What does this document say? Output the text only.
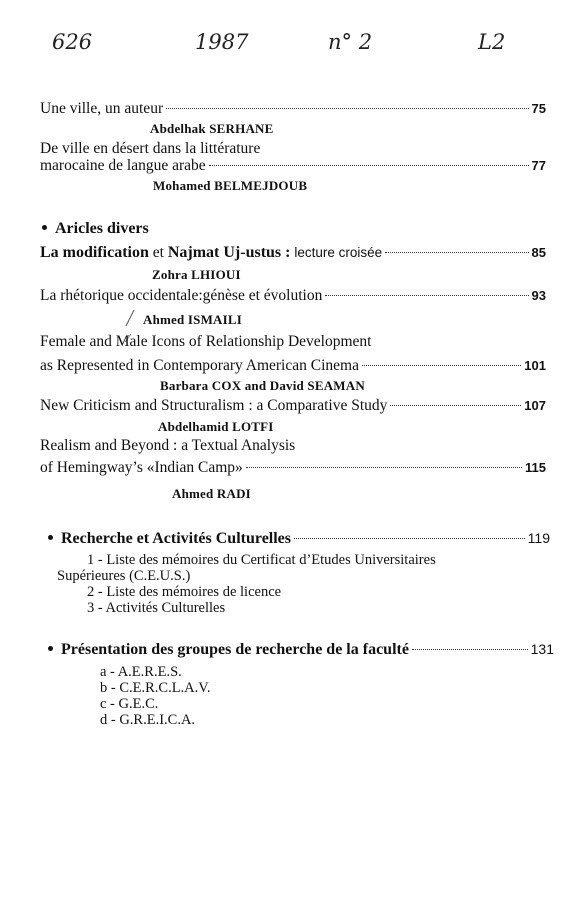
626	1987	n° 2	L2
Une ville, un auteur	75
Abdelhak SERHANE
De ville en désert dans la littérature
marocaine de langue arabe	77
Mohamed BELMEJDOUB
Aricles divers
La modification et Najmat Uj-ustus : lecture croisée	85
Zohra LHIOUI
La rhétorique occidentale:génèse et évolution	93
Ahmed ISMAILI
Female and Male Icons of Relationship Development
as Represented in Contemporary American Cinema	101
Barbara COX and David SEAMAN
New Criticism and Structuralism : a Comparative Study	107
Abdelhamid LOTFI
Realism and Beyond : a Textual Analysis
of Hemingway’s «Indian Camp»	115
Ahmed RADI
Recherche et Activités Culturelles	119
1 - Liste des mémoires du Certificat d’Etudes Universitaires
Supérieures (C.E.U.S.)
2 - Liste des mémoires de licence
3 - Activités Culturelles
Présentation des groupes de recherche de la faculté	131
a - A.E.R.E.S.
b - C.E.R.C.L.A.V.
c - G.E.C.
d - G.R.E.I.C.A.
